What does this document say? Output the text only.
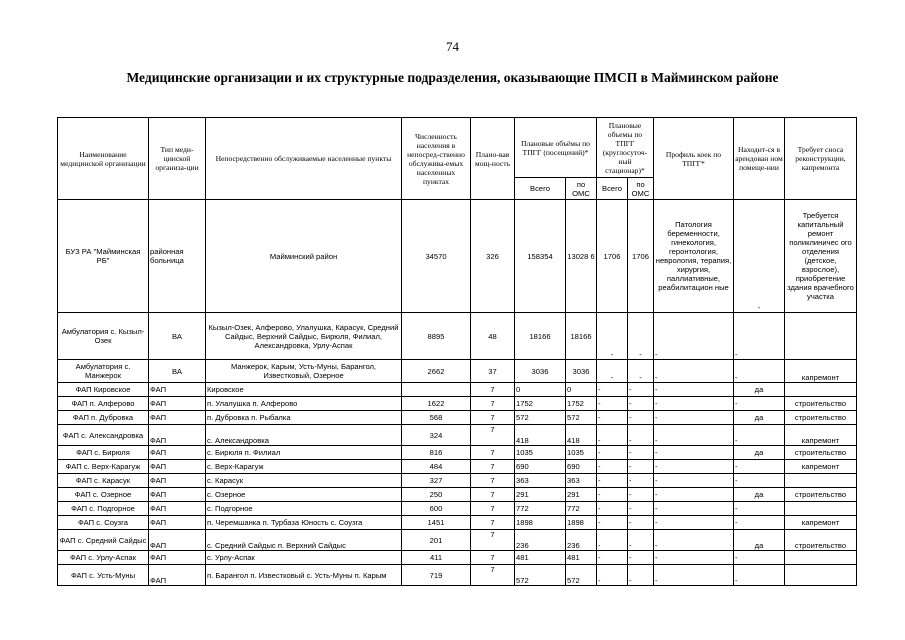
74
Медицинские организации и их структурные подразделения, оказывающие ПМСП в Майминском районе
Наименование медицинской организации	Тип меди-цинской организа-ции	Непосредственно обслуживаемые населенные пункты	Численность населения в непосред-ственно обслужива-емых населенных пунктах	Плано-вая мощ-ность	Плановые объёмы по ТПГГ (посещений)*		Плановые объемы по ТПГГ (круглосуточ-ный стационар)*		Профиль коек по ТПГГ*	Находит-ся в арендован ном помеще-нии	Требует сноса реконструкции, капремонта
					Всего	по ОМС	Всего	по ОМС			
БУЗ РА "Майминская РБ"	районная больница	Майминский район	34570	326	158354	13028 6	1706	1706	Патология беременности, гинекология, геронтология, неврология, терапия, хирургия, паллиативные, реабилитацион ные	-	Требуется капитальный ремонт поликлиничес ого отделения (детское, взрослое), приобретение здания врачебного участка
Амбулатория с. Кызыл-Озек	ВА	Кызыл-Озек, Алферово, Улалушка, Карасук, Средний Сайдыс, Верхний Сайдыс, Бирюля, Филиал, Александровка, Урлу-Аспак	8895	48	18166	18166	-	-	-	-	
Амбулатория с. Манжерок	ВА	Манжерок, Карым, Усть-Муны, Барангол, Известковый, Озерное	2662	37	3036	3036	-	-	-	-	капремонт
ФАП Кировское	ФАП	Кировское		7	0	0	-	-	-	да	
ФАП п. Алферово	ФАП	п. Улалушка п. Алферово	1622	7	1752	1752	-	-	-	-	строительство
ФАП п. Дубровка	ФАП	п. Дубровка п. Рыбалка	568	7	572	572	-	-	-	да	строительство
ФАП с. Александровка	ФАП	с. Александровка	324	7	418	418	-	-	-	-	капремонт
ФАП с. Бирюля	ФАП	с. Бирюля п. Филиал	816	7	1035	1035	-	-	-	да	строительство
ФАП с. Верх-Карагуж	ФАП	с. Верх-Карагуж	484	7	690	690	-	-	-	-	капремонт
ФАП с. Карасук	ФАП	с. Карасук	327	7	363	363	-	-	-	-	
ФАП с. Озерное	ФАП	с. Озерное	250	7	291	291	-	-	-	да	строительство
ФАП с. Подгорное	ФАП	с. Подгорное	600	7	772	772	-	-	-	-	
ФАП с. Соузга	ФАП	п. Черемшанка п. Турбаза Юность с. Соузга	1451	7	1898	1898	-	-	-	-	капремонт
ФАП с. Средний Сайдыс	ФАП	с. Средний Сайдыс п. Верхний Сайдыс	201	7	236	236	-	-	-	да	строительство
ФАП с. Урлу-Аспак	ФАП	с. Урлу-Аспак	411	7	481	481	-	-	-	-	
ФАП с. Усть-Муны	ФАП	п. Барангол п. Известковый с. Усть-Муны п. Карым	719	7	572	572	-	-	-	-	
